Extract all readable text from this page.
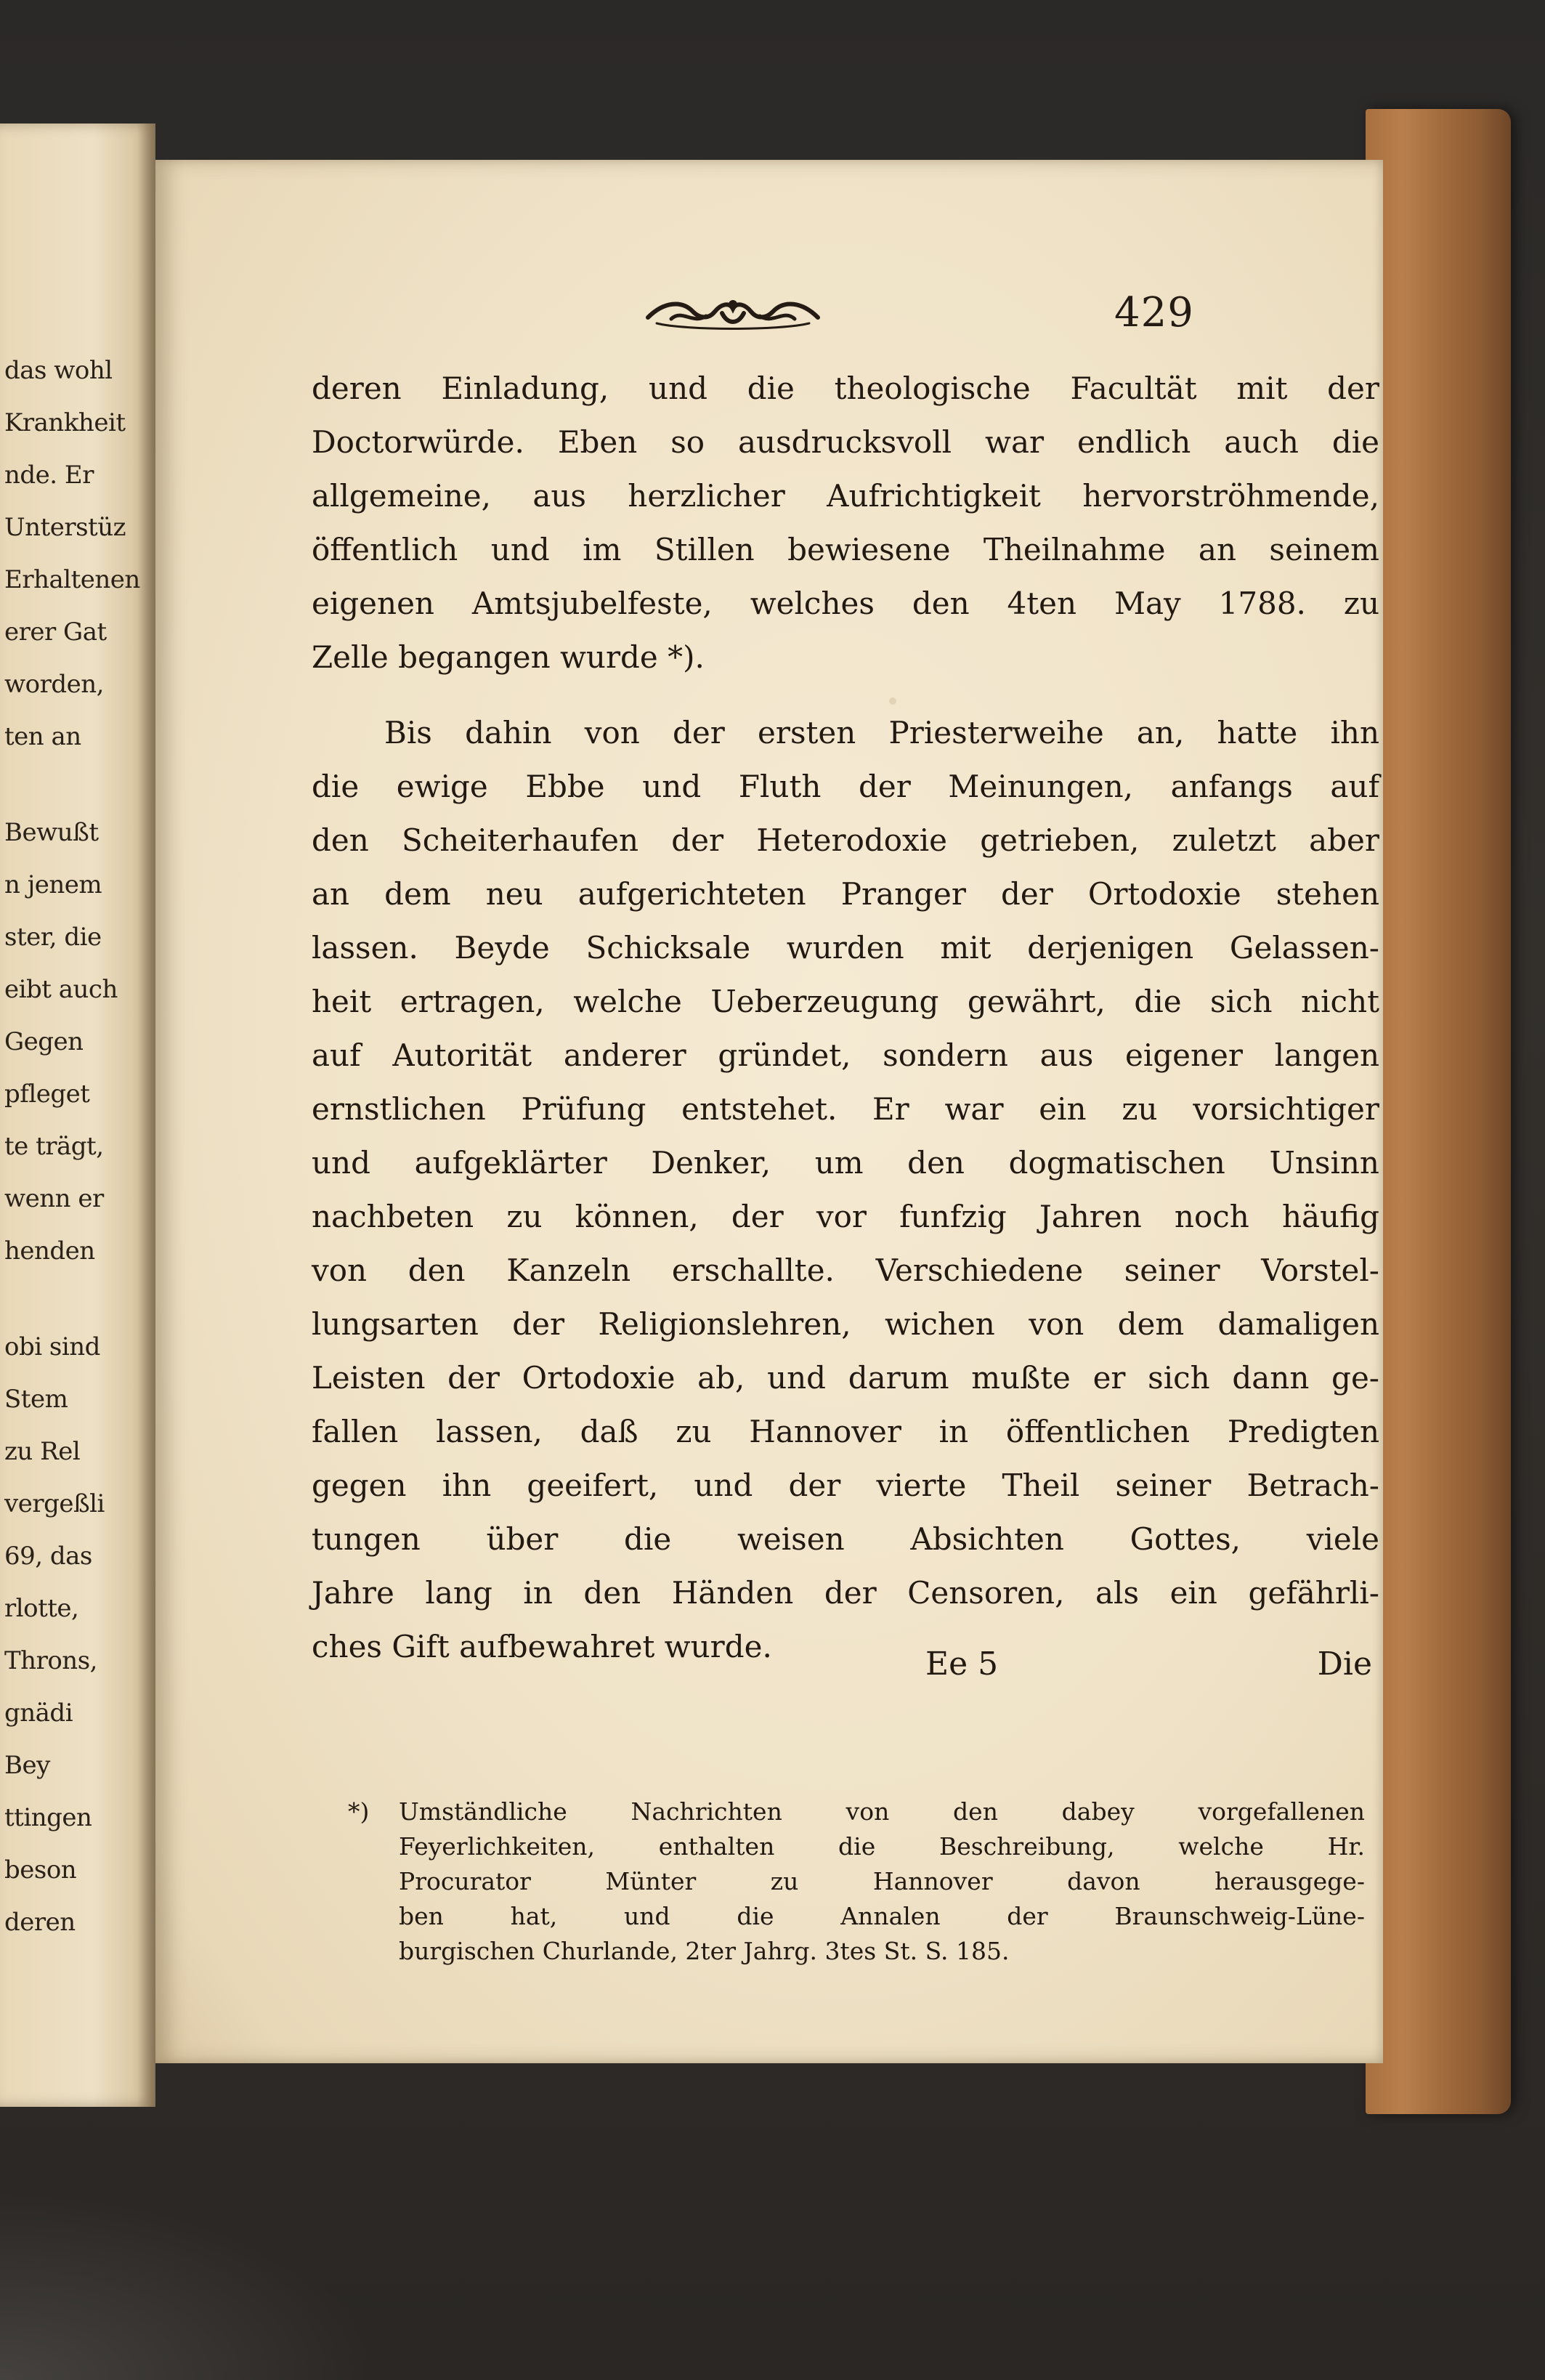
das wohl
Krankheit
nde. Er
Unterstüz
Erhaltenen
erer Gat
worden,
ten an
Bewußt
n jenem
ster, die
eibt auch
Gegen
pfleget
te trägt,
wenn er
henden
obi sind
Stem
zu Rel
vergeßli
69, das
rlotte,
Throns,
gnädi
Bey
ttingen
beson
deren
429
deren Einladung, und die theologische Facultät mit der
Doctorwürde. Eben so ausdrucksvoll war endlich auch die
allgemeine, aus herzlicher Aufrichtigkeit hervorströhmende,
öffentlich und im Stillen bewiesene Theilnahme an seinem
eigenen Amtsjubelfeste, welches den 4ten May 1788. zu
Zelle begangen wurde *).
Bis dahin von der ersten Priesterweihe an, hatte ihn
die ewige Ebbe und Fluth der Meinungen, anfangs auf
den Scheiterhaufen der Heterodoxie getrieben, zuletzt aber
an dem neu aufgerichteten Pranger der Ortodoxie stehen
lassen. Beyde Schicksale wurden mit derjenigen Gelassen-
heit ertragen, welche Ueberzeugung gewährt, die sich nicht
auf Autorität anderer gründet, sondern aus eigener langen
ernstlichen Prüfung entstehet. Er war ein zu vorsichtiger
und aufgeklärter Denker, um den dogmatischen Unsinn
nachbeten zu können, der vor funfzig Jahren noch häufig
von den Kanzeln erschallte. Verschiedene seiner Vorstel-
lungsarten der Religionslehren, wichen von dem damaligen
Leisten der Ortodoxie ab, und darum mußte er sich dann ge-
fallen lassen, daß zu Hannover in öffentlichen Predigten
gegen ihn geeifert, und der vierte Theil seiner Betrach-
tungen über die weisen Absichten Gottes, viele
Jahre lang in den Händen der Censoren, als ein gefährli-
ches Gift aufbewahret wurde.	Ee 5	Die
*) Umständliche Nachrichten von den dabey vorgefallenen
Feyerlichkeiten, enthalten die Beschreibung, welche Hr.
Procurator Münter zu Hannover davon herausgege-
ben hat, und die Annalen der Braunschweig-Lüne-
burgischen Churlande, 2ter Jahrg. 3tes St. S. 185.
